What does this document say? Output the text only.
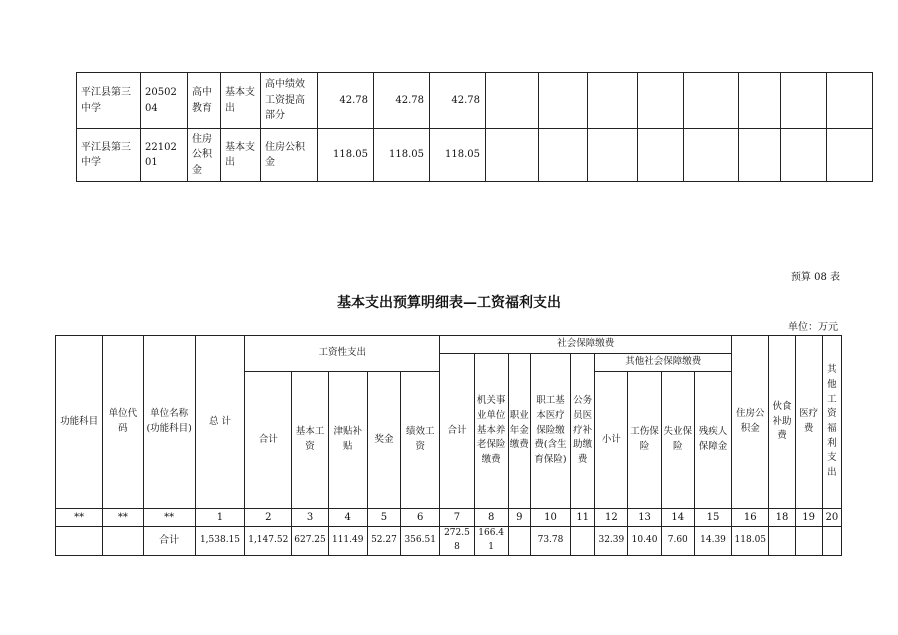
平江县第三中学	2050204	高中教育	基本支出	高中绩效工资提高部分	42.78	42.78	42.78								
平江县第三中学	2210201	住房公积金	基本支出	住房公积金	118.05	118.05	118.05								
预算 08 表
基本支出预算明细表—工资福利支出
单位：万元
功能科目	单位代码	单位名称(功能科目)	总 计	工资性支出					社会保障缴费									住房公积金	伙食补助费	医疗费	其他工资福利支出
									合计	机关事业单位基本养老保险缴费	职业年金缴费	职工基本医疗保险缴费(含生育保险)	公务员医疗补助缴费	其他社会保障缴费							
				合计	基本工资	津贴补贴	奖金	绩效工资						小计	工伤保险	失业保险	残疾人保障金				
**	**	**	1	2	3	4	5	6	7	8	9	10	11	12	13	14	15	16	18	19	20
		合计	1,538.15	1,147.52	627.25	111.49	52.27	356.51	272.58	166.41		73.78		32.39	10.40	7.60	14.39	118.05			
